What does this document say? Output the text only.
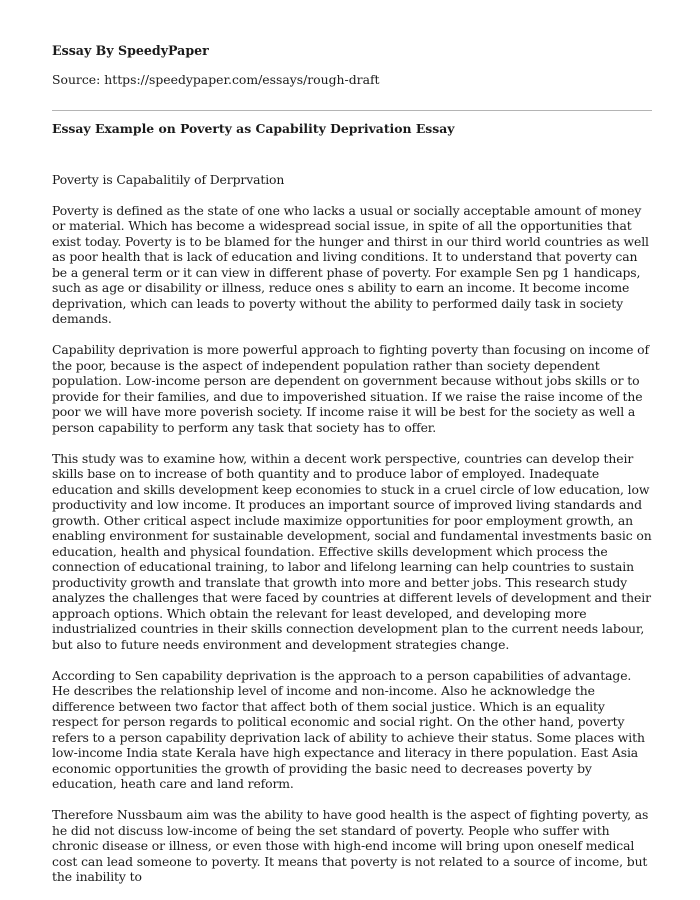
Essay By SpeedyPaper
Source: https://speedypaper.com/essays/rough-draft
Essay Example on Poverty as Capability Deprivation Essay

Poverty is Capabalitily of Derprvation

Poverty is defined as the state of one who lacks a usual or socially acceptable amount of money or material. Which has become a widespread social issue, in spite of all the opportunities that exist today. Poverty is to be blamed for the hunger and thirst in our third world countries as well as poor health that is lack of education and living conditions. It to understand that poverty can be a general term or it can view in different phase of poverty. For example Sen pg 1 handicaps, such as age or disability or illness, reduce ones s ability to earn an income. It become income deprivation, which can leads to poverty without the ability to performed daily task in society demands.

Capability deprivation is more powerful approach to fighting poverty than focusing on income of the poor, because is the aspect of independent population rather than society dependent population. Low-income person are dependent on government because without jobs skills or to provide for their families, and due to impoverished situation. If we raise the raise income of the poor we will have more poverish society. If income raise it will be best for the society as well a person capability to perform any task that society has to offer.

This study was to examine how, within a decent work perspective, countries can develop their skills base on to increase of both quantity and to produce labor of employed. Inadequate education and skills development keep economies to stuck in a cruel circle of low education, low productivity and low income. It produces an important source of improved living standards and growth. Other critical aspect include maximize opportunities for poor employment growth, an enabling environment for sustainable development, social and fundamental investments basic on education, health and physical foundation. Effective skills development which process the connection of educational training, to labor and lifelong learning can help countries to sustain productivity growth and translate that growth into more and better jobs. This research study analyzes the challenges that were faced by countries at different levels of development and their approach options. Which obtain the relevant for least developed, and developing more industrialized countries in their skills connection development plan to the current needs labour, but also to future needs environment and development strategies change.

According to Sen capability deprivation is the approach to a person capabilities of advantage. He describes the relationship level of income and non-income. Also he acknowledge the difference between two factor that affect both of them social justice. Which is an equality respect for person regards to political economic and social right. On the other hand, poverty refers to a person capability deprivation lack of ability to achieve their status. Some places with low-income India state Kerala have high expectance and literacy in there population. East Asia economic opportunities the growth of providing the basic need to decreases poverty by education, heath care and land reform.

Therefore Nussbaum aim was the ability to have good health is the aspect of fighting poverty, as he did not discuss low-income of being the set standard of poverty. People who suffer with chronic disease or illness, or even those with high-end income will bring upon oneself medical cost can lead someone to poverty. It means that poverty is not related to a source of income, but the inability to
